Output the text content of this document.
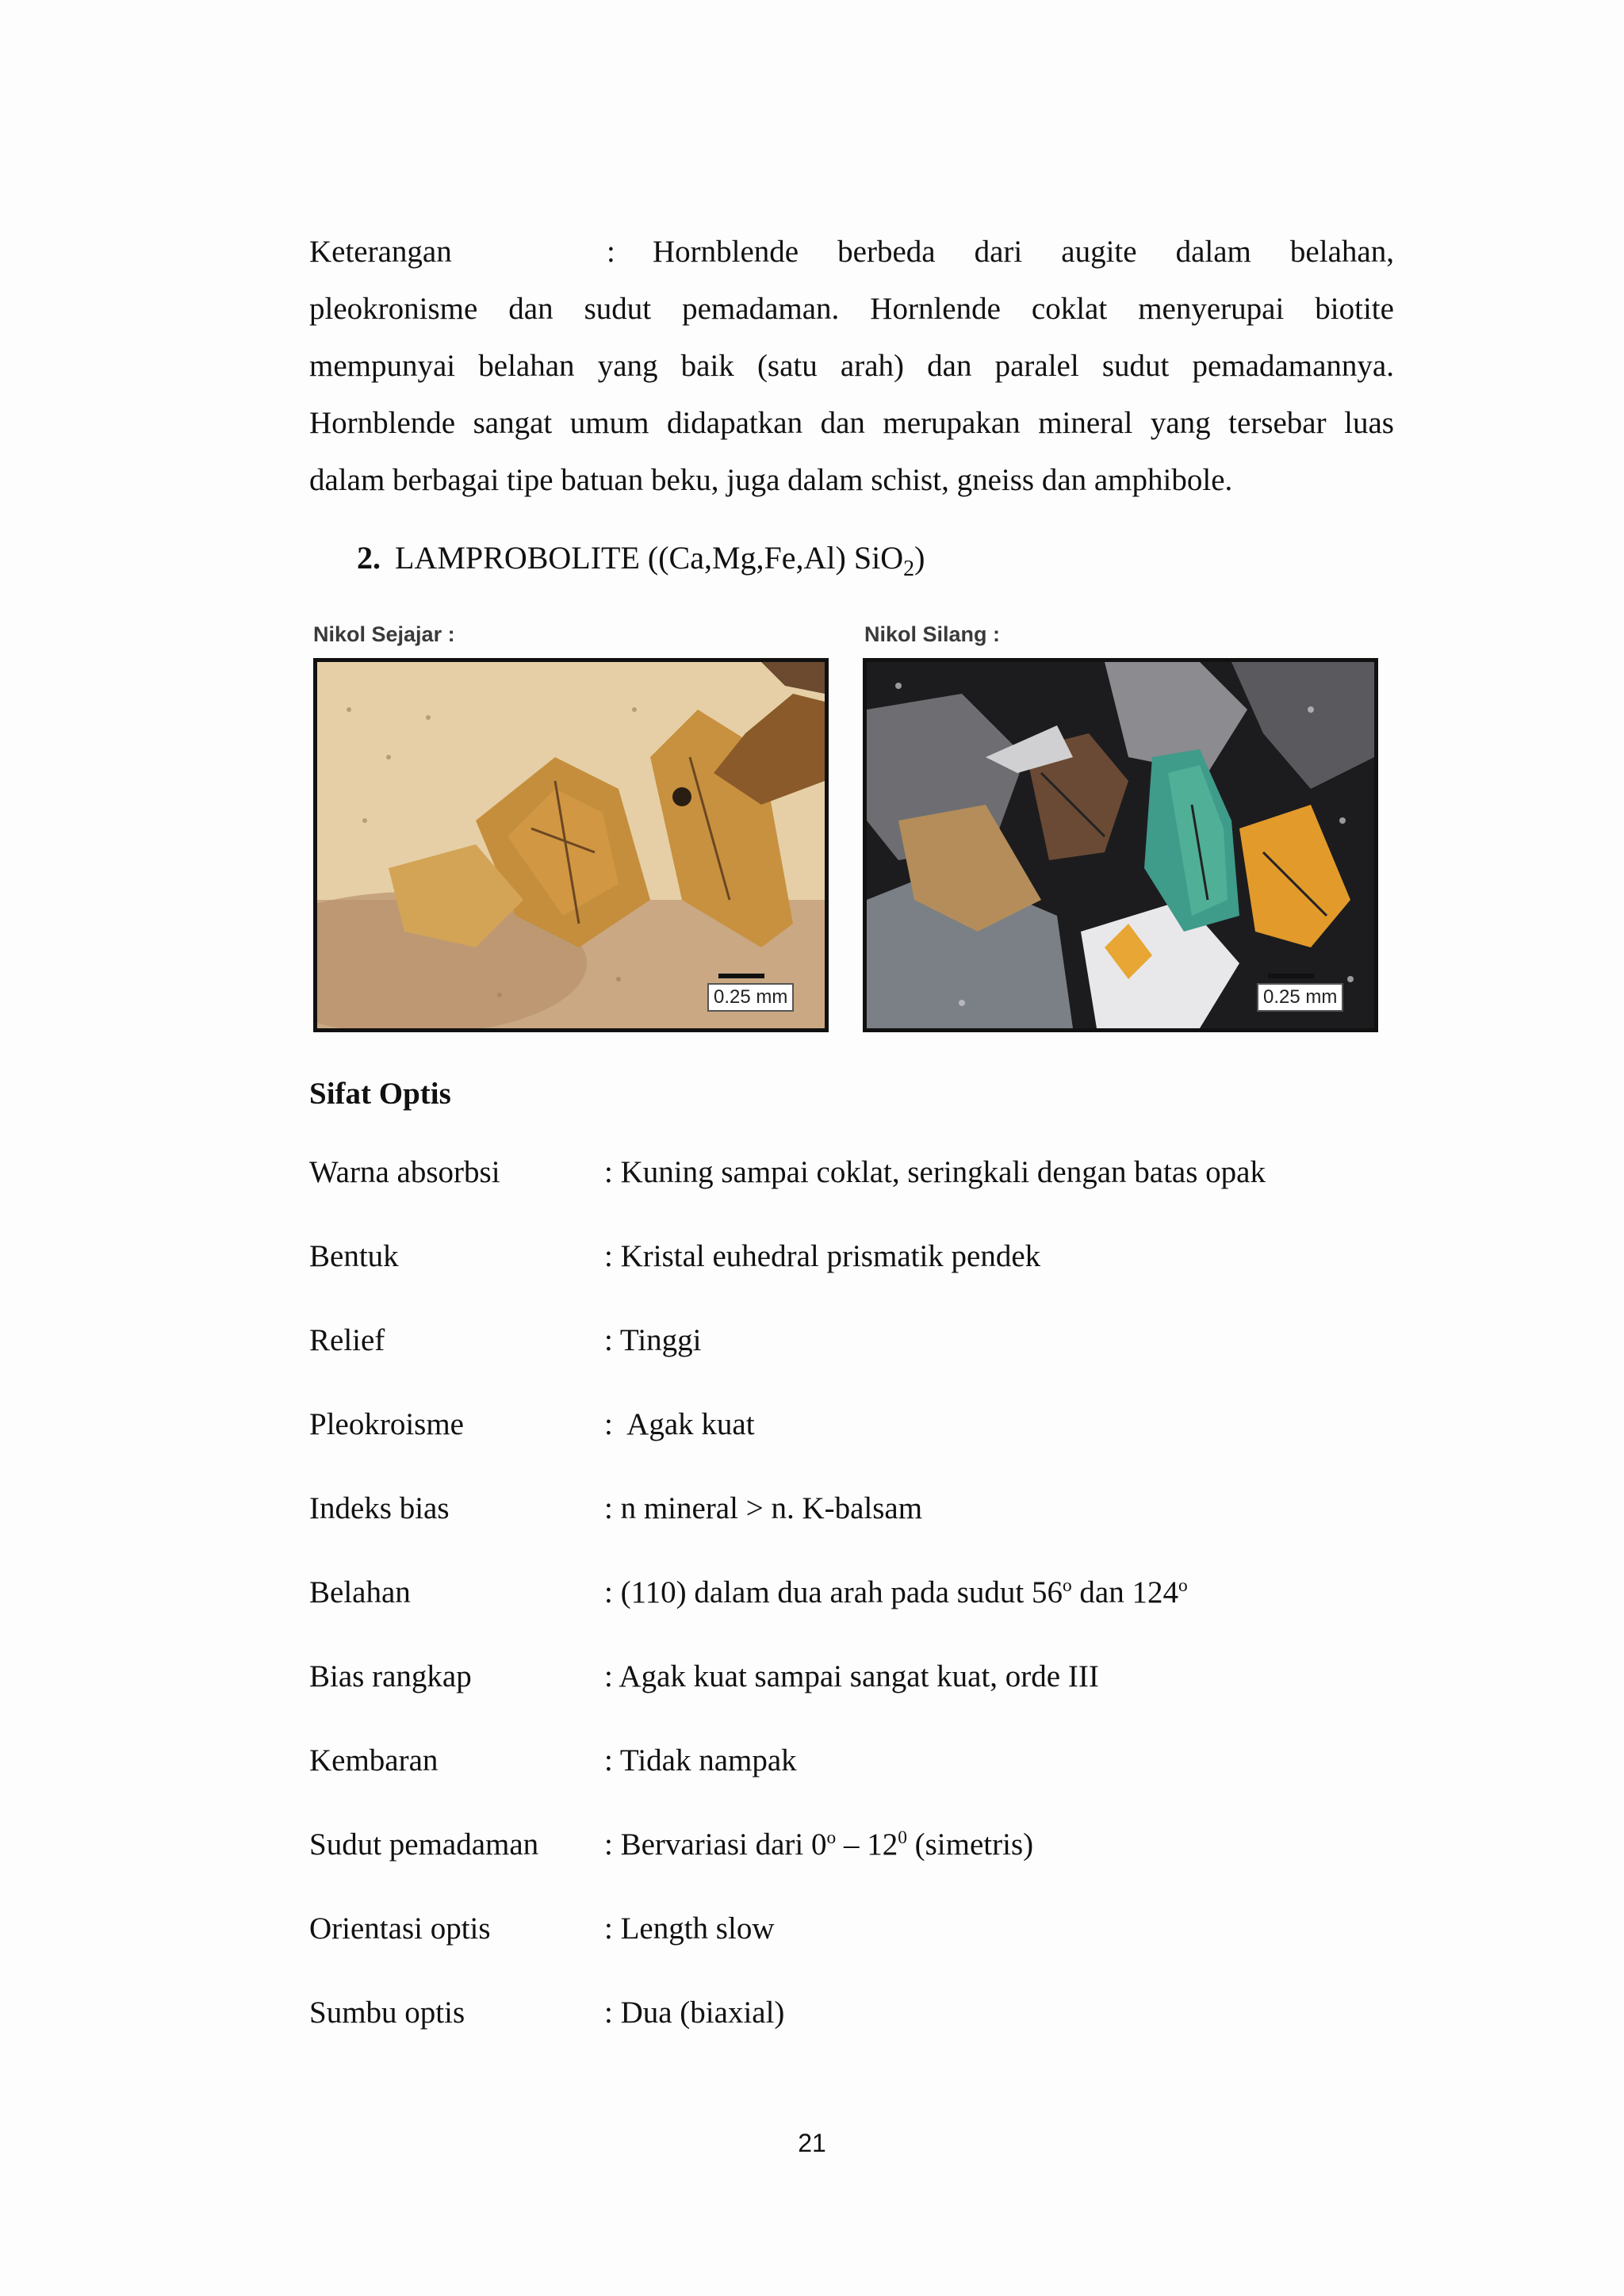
Keterangan	:	Hornblende berbeda dari augite dalam belahan,
pleokronisme dan sudut pemadaman. Hornlende coklat menyerupai biotite
mempunyai belahan yang baik (satu arah) dan paralel sudut pemadamannya.
Hornblende sangat umum didapatkan dan merupakan mineral yang tersebar luas
dalam berbagai tipe batuan beku, juga dalam schist, gneiss dan amphibole.
2. LAMPROBOLITE ((Ca,Mg,Fe,Al) SiO$_2$)
Nikol Sejajar :
0.25 mm
Nikol Silang :
0.25 mm
Sifat Optis
Warna absorbsi	: Kuning sampai coklat, seringkali dengan batas opak
Bentuk	: Kristal euhedral prismatik pendek
Relief	: Tinggi
Pleokroisme	:  Agak kuat
Indeks bias	: n mineral > n. K-balsam
Belahan	: (110) dalam dua arah pada sudut 56$^o$ dan 124$^o$
Bias rangkap	: Agak kuat sampai sangat kuat, orde III
Kembaran	: Tidak nampak
Sudut pemadaman	: Bervariasi dari $0^o - 12^0$ (simetris)
Orientasi optis	: Length slow
Sumbu optis	: Dua (biaxial)
21
